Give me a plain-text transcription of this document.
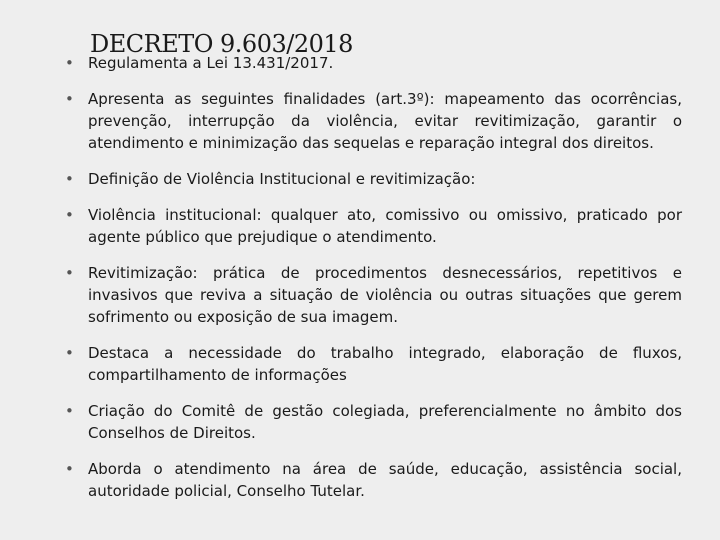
DECRETO 9.603/2018
• Regulamenta a Lei 13.431/2017.
• Apresenta as seguintes finalidades (art.3º): mapeamento das ocorrências, prevenção, interrupção da violência, evitar revitimização, garantir o atendimento e minimização das sequelas e reparação integral dos direitos.
• Definição de Violência Institucional e revitimização:
• Violência institucional: qualquer ato, comissivo ou omissivo, praticado por agente público que prejudique o atendimento.
• Revitimização: prática de procedimentos desnecessários, repetitivos e invasivos que reviva a situação de violência ou outras situações que gerem sofrimento ou exposição de sua imagem.
• Destaca a necessidade do trabalho integrado, elaboração de fluxos, compartilhamento de informações
• Criação do Comitê de gestão colegiada, preferencialmente no âmbito dos Conselhos de Direitos.
• Aborda o atendimento na área de saúde, educação, assistência social, autoridade policial, Conselho Tutelar.
